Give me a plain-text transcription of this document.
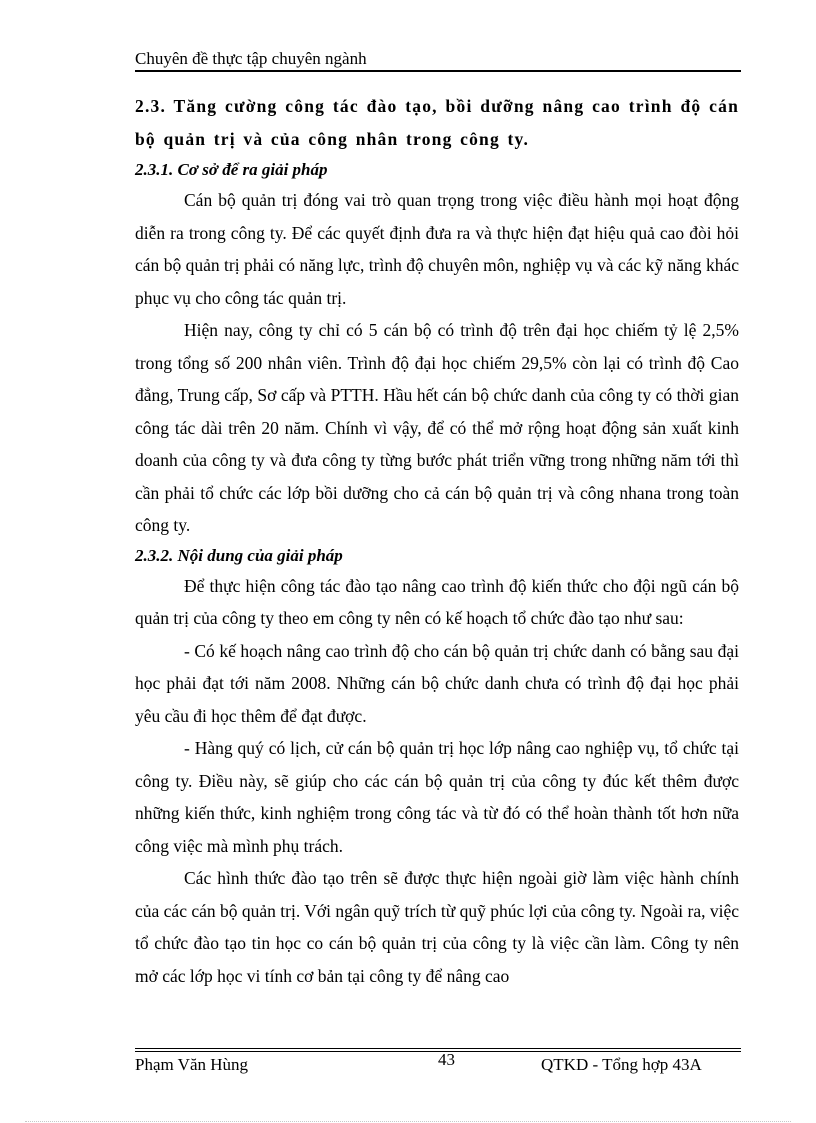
Chuyên đề thực tập chuyên ngành

2.3. Tăng cường công tác đào tạo, bồi dưỡng nâng cao trình độ cán bộ quản trị và của công nhân trong công ty.

2.3.1. Cơ sở để ra giải pháp

Cán bộ quản trị đóng vai trò quan trọng trong việc điều hành mọi hoạt động diễn ra trong công ty. Để các quyết định đưa ra và thực hiện đạt hiệu quả cao đòi hỏi cán bộ quản trị phải có năng lực, trình độ chuyên môn, nghiệp vụ và các kỹ năng khác phục vụ cho công tác quản trị.

Hiện nay, công ty chỉ có 5 cán bộ có trình độ trên đại học chiếm tỷ lệ 2,5% trong tổng số 200 nhân viên. Trình độ đại học chiếm 29,5% còn lại có trình độ Cao đẳng, Trung cấp, Sơ cấp và PTTH. Hầu hết cán bộ chức danh của công ty có thời gian công tác dài trên 20 năm. Chính vì vậy, để có thể mở rộng hoạt động sản xuất kinh doanh của công ty và đưa công ty từng bước phát triển vững trong những năm tới thì cần phải tổ chức các lớp bồi dưỡng cho cả cán bộ quản trị và công nhana trong toàn công ty.

2.3.2. Nội dung của giải pháp

Để thực hiện công tác đào tạo nâng cao trình độ kiến thức cho đội ngũ cán bộ quản trị của công ty theo em công ty nên có kế hoạch tổ chức đào tạo như sau:

- Có kế hoạch nâng cao trình độ cho cán bộ quản trị chức danh có bằng sau đại học phải đạt tới năm 2008. Những cán bộ chức danh chưa có trình độ đại học phải yêu cầu đi học thêm để đạt được.

- Hàng quý có lịch, cử cán bộ quản trị học lớp nâng cao nghiệp vụ, tổ chức tại công ty. Điều này, sẽ giúp cho các cán bộ quản trị của công ty đúc kết thêm được những kiến thức, kinh nghiệm trong công tác và từ đó có thể hoàn thành tốt hơn nữa công việc mà mình phụ trách.

Các hình thức đào tạo trên sẽ được thực hiện ngoài giờ làm việc hành chính của các cán bộ quản trị. Với ngân quỹ trích từ quỹ phúc lợi của công ty. Ngoài ra, việc tổ chức đào tạo tin học co cán bộ quản trị của công ty là việc cần làm. Công ty nên mở các lớp học vi tính cơ bản tại công ty để nâng cao

Phạm Văn Hùng	43	QTKD - Tổng hợp 43A
